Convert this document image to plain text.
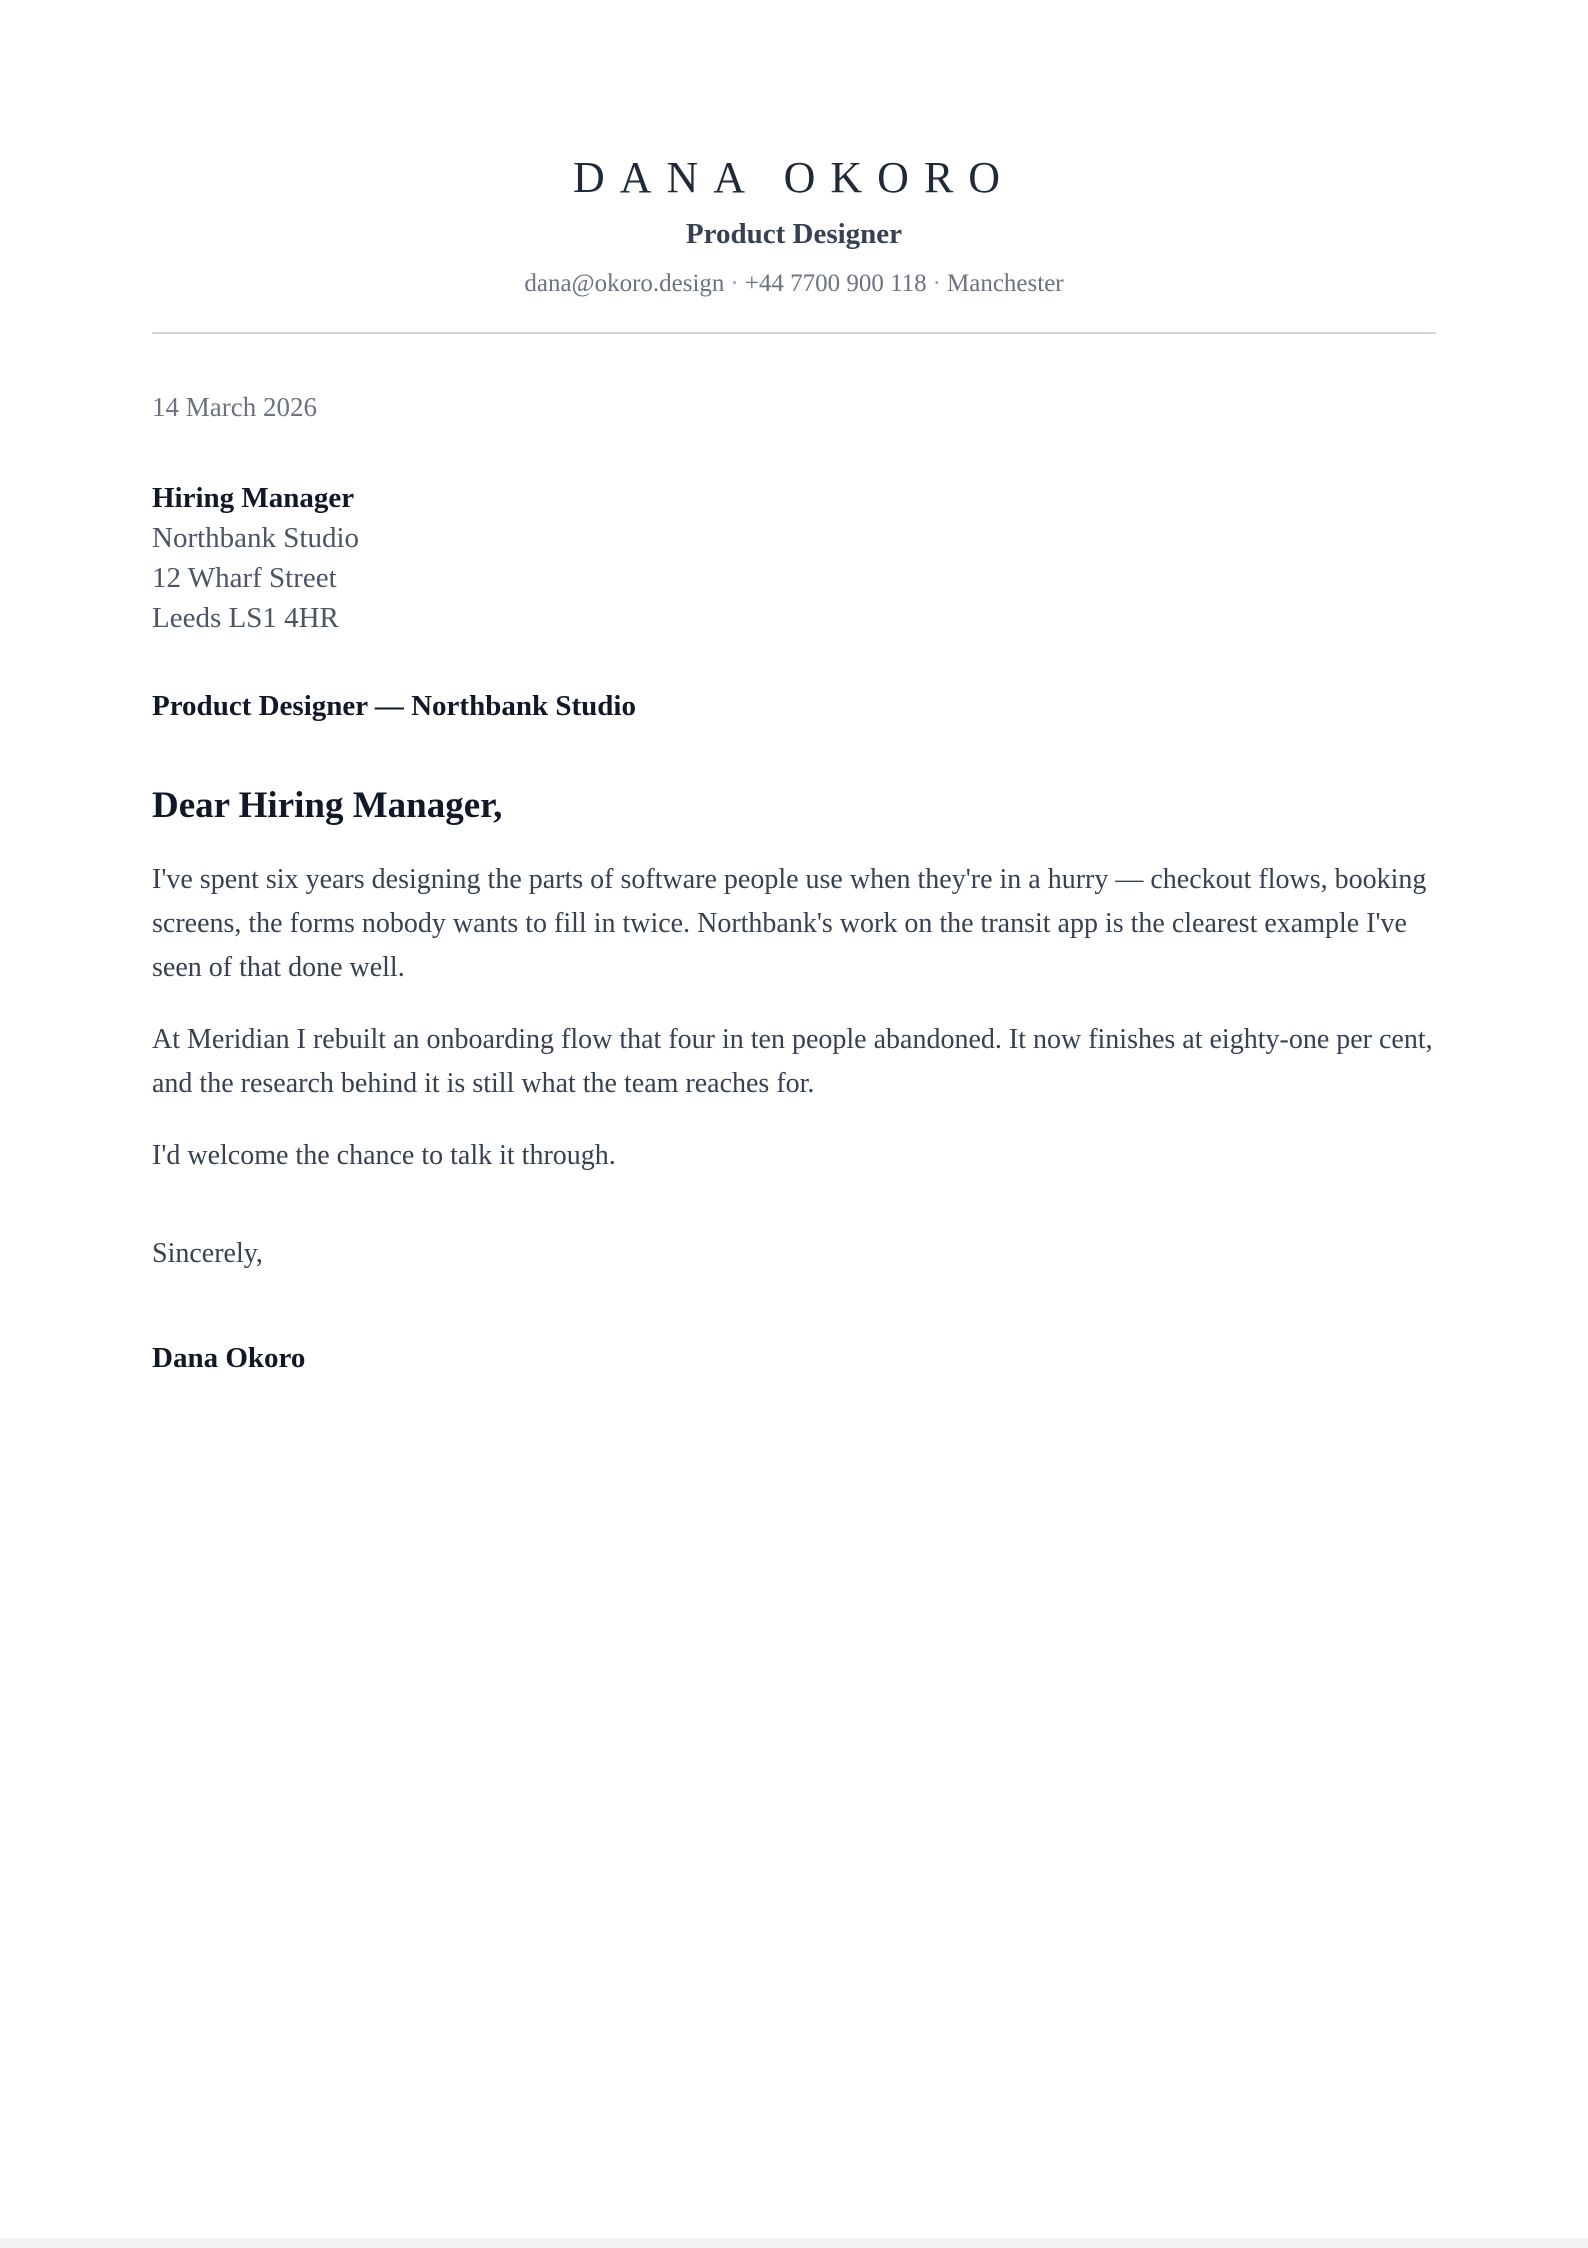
DANA OKORO
Product Designer
dana@okoro.design · +44 7700 900 118 · Manchester
14 March 2026
Hiring Manager
Northbank Studio
12 Wharf Street
Leeds LS1 4HR
Product Designer — Northbank Studio
Dear Hiring Manager,

I've spent six years designing the parts of software people use when they're in a hurry — checkout flows, booking screens, the forms nobody wants to fill in twice. Northbank's work on the transit app is the clearest example I've seen of that done well.

At Meridian I rebuilt an onboarding flow that four in ten people abandoned. It now finishes at eighty-one per cent, and the research behind it is still what the team reaches for.

I'd welcome the chance to talk it through.

Sincerely,
Dana Okoro
